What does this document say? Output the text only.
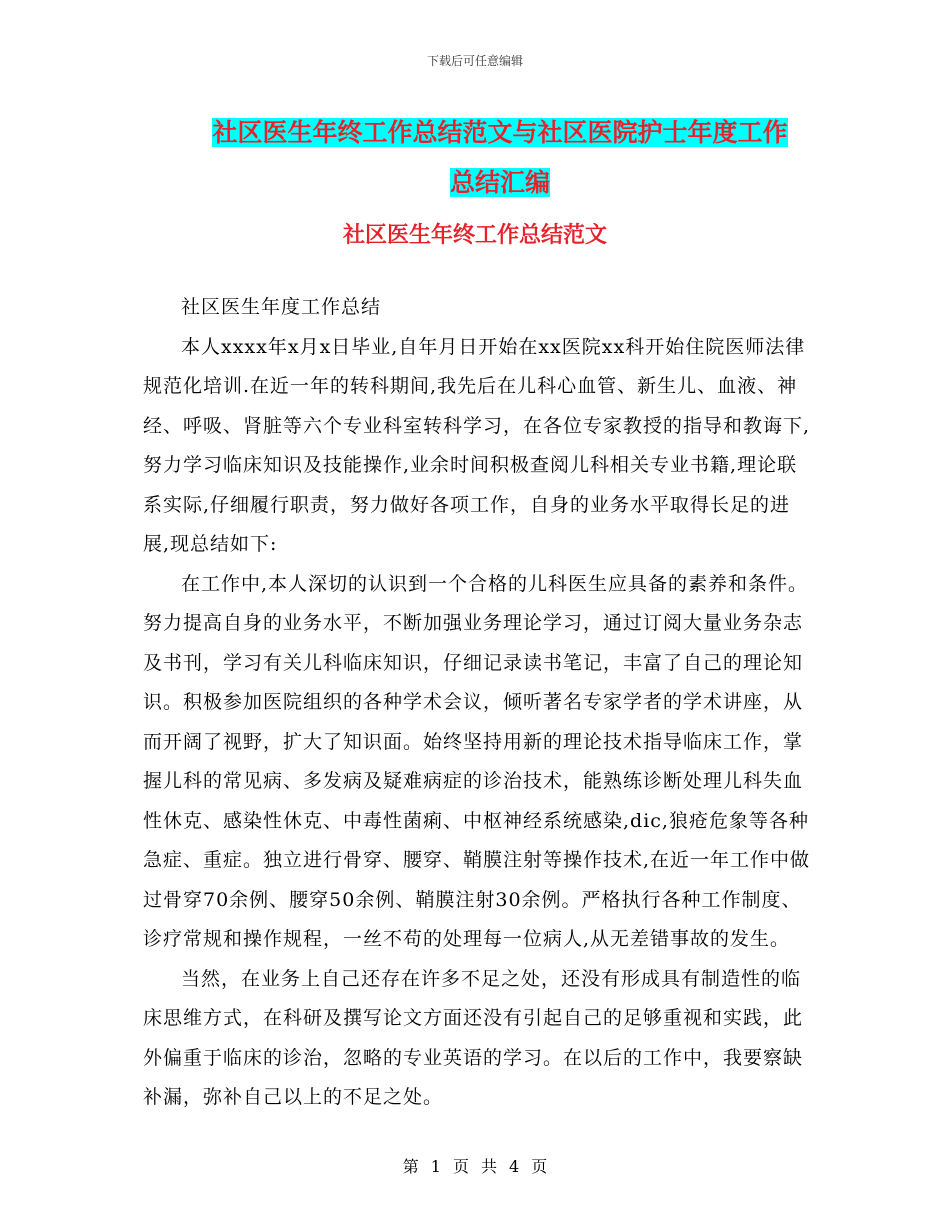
下载后可任意编辑
社区医生年终工作总结范文与社区医院护士年度工作
总结汇编
社区医生年终工作总结范文

社区医生年度工作总结

本人xxxx年x月x日毕业,自年月日开始在xx医院xx科开始住院医师法律规范化培训.在近一年的转科期间,我先后在儿科心血管、新生儿、血液、神经、呼吸、肾脏等六个专业科室转科学习，在各位专家教授的指导和教诲下,努力学习临床知识及技能操作,业余时间积极查阅儿科相关专业书籍,理论联系实际,仔细履行职责，努力做好各项工作，自身的业务水平取得长足的进展,现总结如下:

在工作中,本人深切的认识到一个合格的儿科医生应具备的素养和条件。努力提高自身的业务水平，不断加强业务理论学习，通过订阅大量业务杂志及书刊，学习有关儿科临床知识，仔细记录读书笔记，丰富了自己的理论知识。积极参加医院组织的各种学术会议，倾听著名专家学者的学术讲座，从而开阔了视野，扩大了知识面。始终坚持用新的理论技术指导临床工作，掌握儿科的常见病、多发病及疑难病症的诊治技术，能熟练诊断处理儿科失血性休克、感染性休克、中毒性菌痢、中枢神经系统感染,dic,狼疮危象等各种急症、重症。独立进行骨穿、腰穿、鞘膜注射等操作技术,在近一年工作中做过骨穿70余例、腰穿50余例、鞘膜注射30余例。严格执行各种工作制度、诊疗常规和操作规程，一丝不苟的处理每一位病人,从无差错事故的发生。

当然，在业务上自己还存在许多不足之处，还没有形成具有制造性的临床思维方式，在科研及撰写论文方面还没有引起自己的足够重视和实践，此外偏重于临床的诊治，忽略的专业英语的学习。在以后的工作中，我要察缺补漏，弥补自己以上的不足之处。

第 1 页 共 4 页
